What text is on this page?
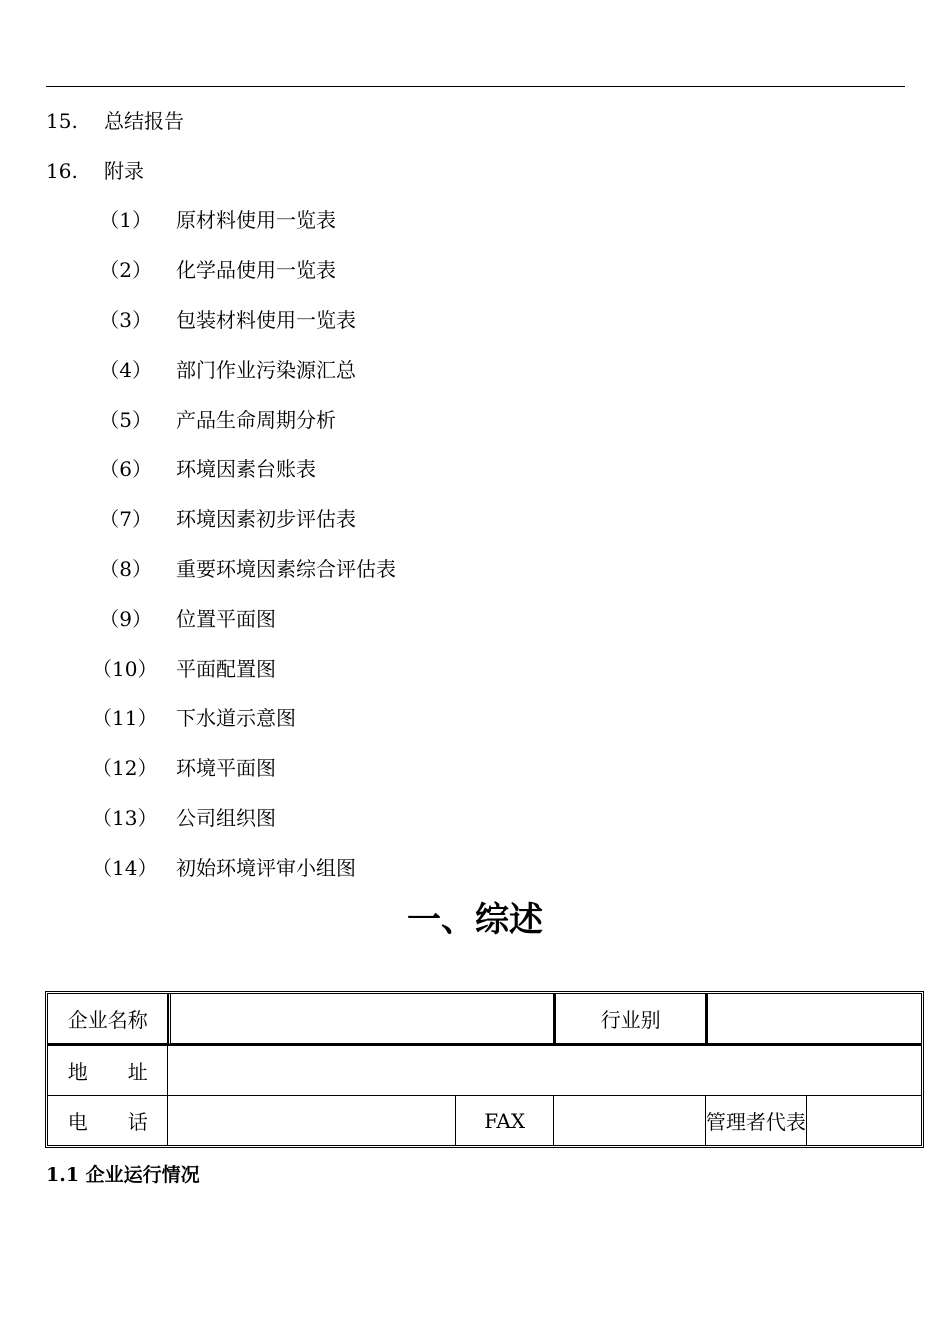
15. 总结报告
16. 附录
（1） 原材料使用一览表
（2） 化学品使用一览表
（3） 包装材料使用一览表
（4） 部门作业污染源汇总
（5） 产品生命周期分析
（6） 环境因素台账表
（7） 环境因素初步评估表
（8） 重要环境因素综合评估表
（9） 位置平面图
（10） 平面配置图
（11） 下水道示意图
（12） 环境平面图
（13） 公司组织图
（14） 初始环境评审小组图
一、综述
企业名称			行业别		
地　　址					
电　　话		FAX		管理者代表	
1.1 企业运行情况
